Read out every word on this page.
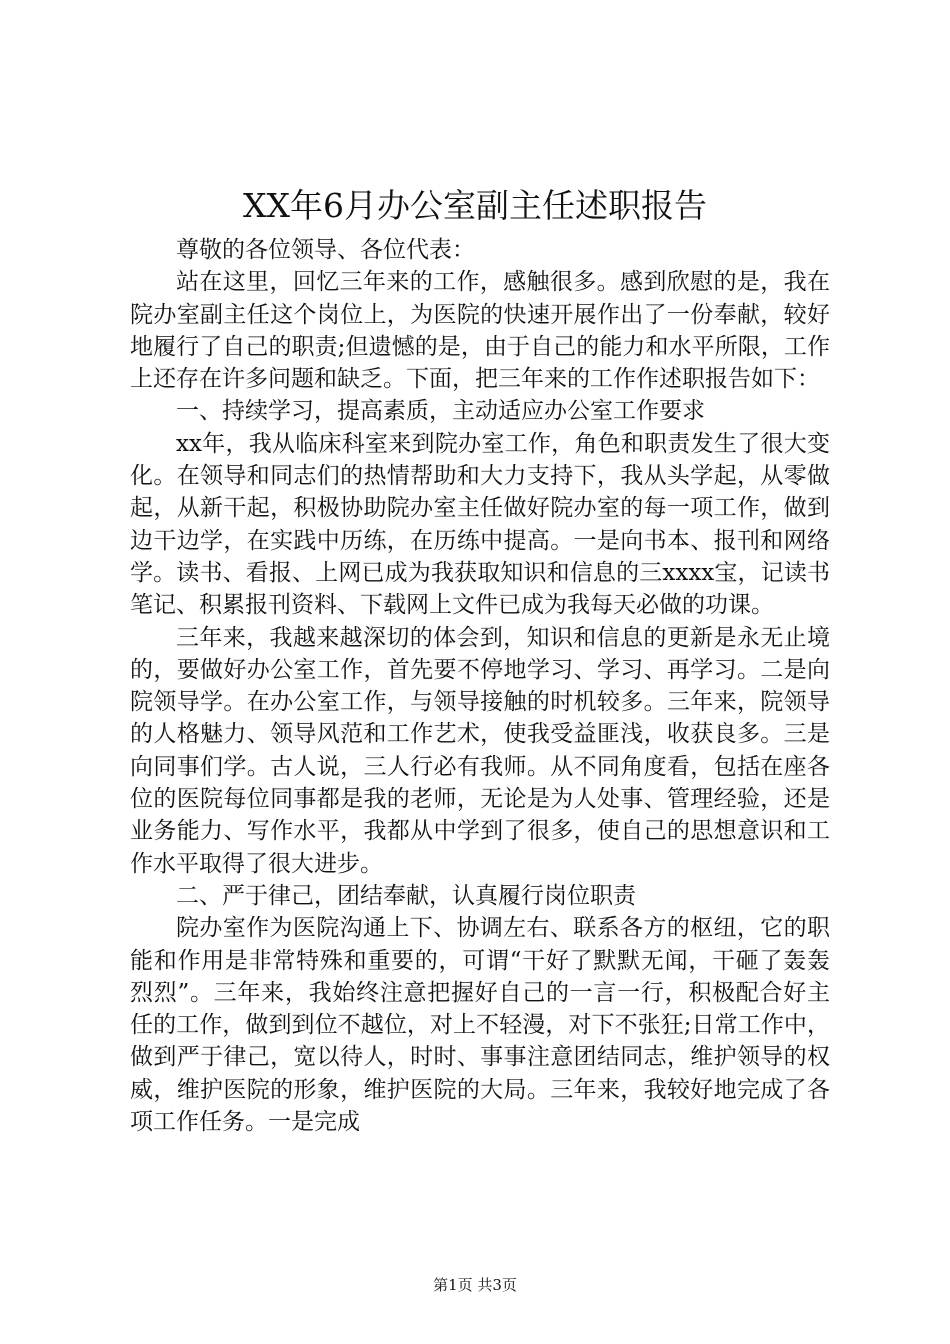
XX年6月办公室副主任述职报告

尊敬的各位领导、各位代表：

站在这里，回忆三年来的工作，感触很多。感到欣慰的是，我在院办室副主任这个岗位上，为医院的快速开展作出了一份奉献，较好地履行了自己的职责;但遗憾的是，由于自己的能力和水平所限，工作上还存在许多问题和缺乏。下面，把三年来的工作作述职报告如下：

一、持续学习，提高素质，主动适应办公室工作要求

xx年，我从临床科室来到院办室工作，角色和职责发生了很大变化。在领导和同志们的热情帮助和大力支持下，我从头学起，从零做起，从新干起，积极协助院办室主任做好院办室的每一项工作，做到边干边学，在实践中历练，在历练中提高。一是向书本、报刊和网络学。读书、看报、上网已成为我获取知识和信息的三xxxx宝，记读书笔记、积累报刊资料、下载网上文件已成为我每天必做的功课。

三年来，我越来越深切的体会到，知识和信息的更新是永无止境的，要做好办公室工作，首先要不停地学习、学习、再学习。二是向院领导学。在办公室工作，与领导接触的时机较多。三年来，院领导的人格魅力、领导风范和工作艺术，使我受益匪浅，收获良多。三是向同事们学。古人说，三人行必有我师。从不同角度看，包括在座各位的医院每位同事都是我的老师，无论是为人处事、管理经验，还是业务能力、写作水平，我都从中学到了很多，使自己的思想意识和工作水平取得了很大进步。

二、严于律己，团结奉献，认真履行岗位职责

院办室作为医院沟通上下、协调左右、联系各方的枢纽，它的职能和作用是非常特殊和重要的，可谓“干好了默默无闻，干砸了轰轰烈烈”。三年来，我始终注意把握好自己的一言一行，积极配合好主任的工作，做到到位不越位，对上不轻漫，对下不张狂;日常工作中，做到严于律己，宽以待人，时时、事事注意团结同志，维护领导的权威，维护医院的形象，维护医院的大局。三年来，我较好地完成了各项工作任务。一是完成

第1页 共3页
